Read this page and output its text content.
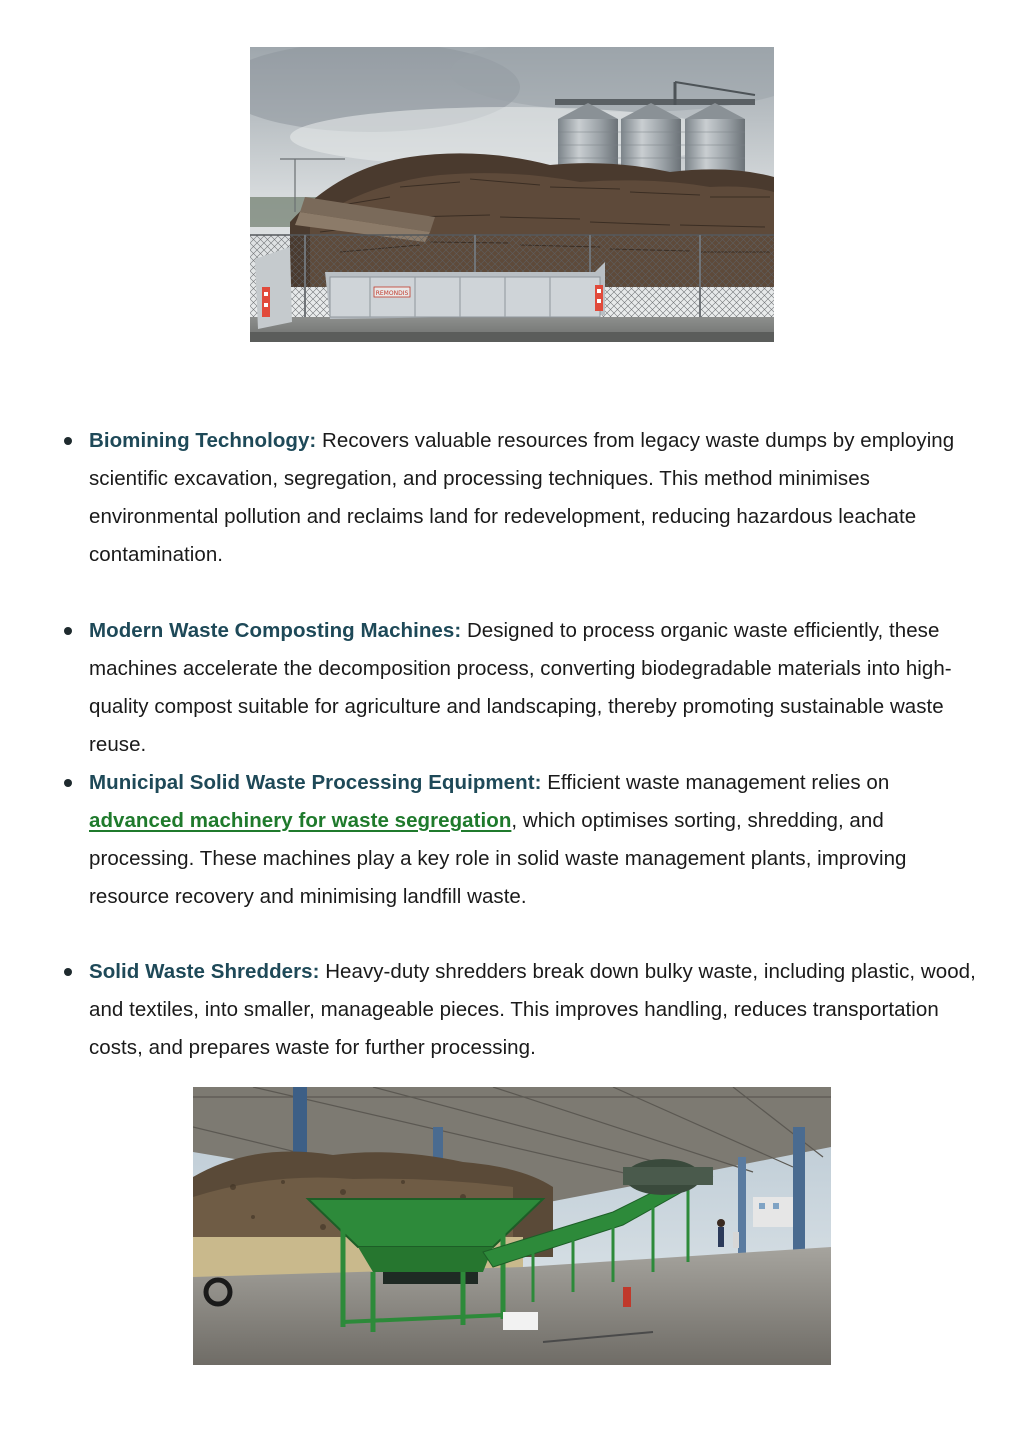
REMONDIS
Biomining Technology: Recovers valuable resources from legacy waste dumps by employing scientific excavation, segregation, and processing techniques. This method minimises environmental pollution and reclaims land for redevelopment, reducing hazardous leachate contamination.
Modern Waste Composting Machines: Designed to process organic waste efficiently, these machines accelerate the decomposition process, converting biodegradable materials into high-quality compost suitable for agriculture and landscaping, thereby promoting sustainable waste reuse.
Municipal Solid Waste Processing Equipment: Efficient waste management relies on advanced machinery for waste segregation, which optimises sorting, shredding, and processing. These machines play a key role in solid waste management plants, improving resource recovery and minimising landfill waste.
Solid Waste Shredders: Heavy-duty shredders break down bulky waste, including plastic, wood, and textiles, into smaller, manageable pieces. This improves handling, reduces transportation costs, and prepares waste for further processing.
